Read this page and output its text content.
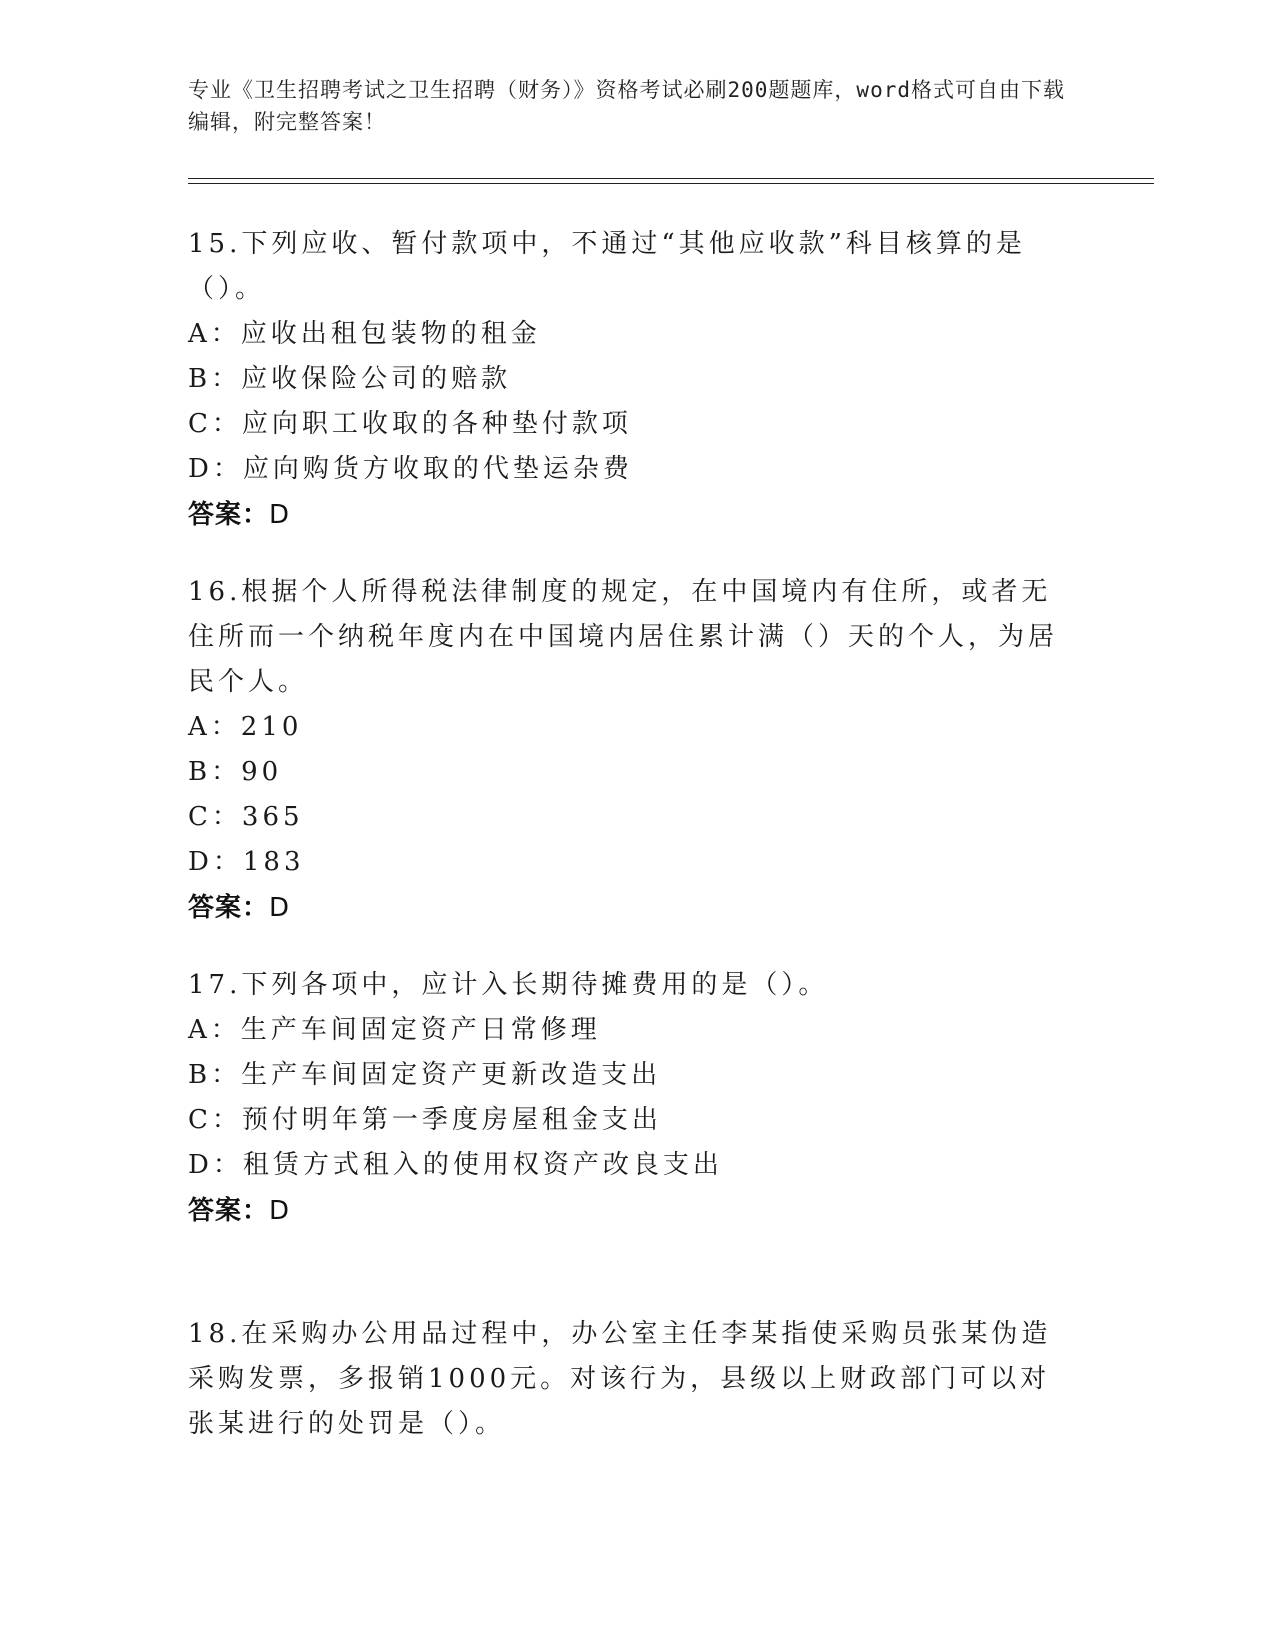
专业《卫生招聘考试之卫生招聘（财务）》资格考试必刷200题题库，word格式可自由下载编辑，附完整答案！

15.下列应收、暂付款项中，不通过“其他应收款”科目核算的是（）。

A：应收出租包装物的租金

B：应收保险公司的赔款

C：应向职工收取的各种垫付款项

D：应向购货方收取的代垫运杂费

答案：D

16.根据个人所得税法律制度的规定，在中国境内有住所，或者无住所而一个纳税年度内在中国境内居住累计满（）天的个人，为居民个人。

A：210

B：90

C：365

D：183

答案：D

17.下列各项中，应计入长期待摊费用的是（）。

A：生产车间固定资产日常修理

B：生产车间固定资产更新改造支出

C：预付明年第一季度房屋租金支出

D：租赁方式租入的使用权资产改良支出

答案：D

18.在采购办公用品过程中，办公室主任李某指使采购员张某伪造采购发票，多报销1000元。对该行为，县级以上财政部门可以对张某进行的处罚是（）。
